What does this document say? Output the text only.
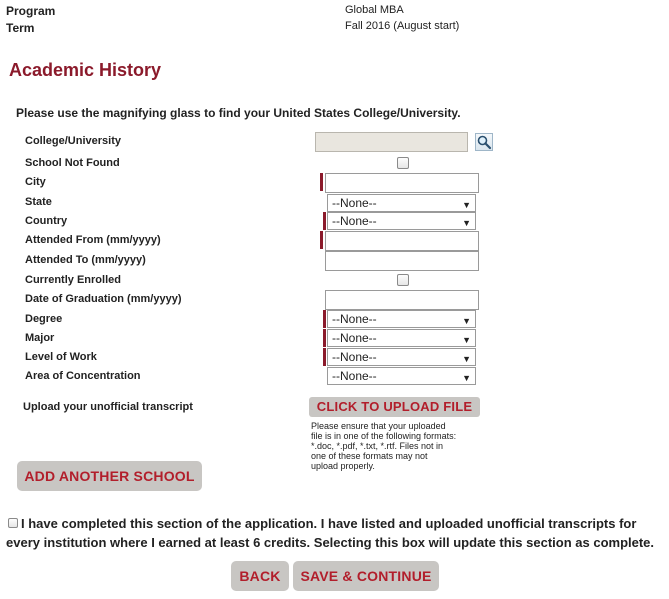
Program	Global MBA
Term	Fall 2016 (August start)
Academic History
Please use the magnifying glass to find your United States College/University.
College/University
School Not Found
City
State	--None--	▼
Country	--None--	▼
Attended From (mm/yyyy)
Attended To (mm/yyyy)
Currently Enrolled
Date of Graduation (mm/yyyy)
Degree	--None--	▼
Major	--None--	▼
Level of Work	--None--	▼
Area of Concentration	--None--	▼
Upload your unofficial transcript	CLICK TO UPLOAD FILE
Please ensure that your uploaded
file is in one of the following formats:
*.doc, *.pdf, *.txt, *.rtf. Files not in
one of these formats may not
upload properly.
ADD ANOTHER SCHOOL
I have completed this section of the application. I have listed and uploaded unofficial transcripts for
every institution where I earned at least 6 credits. Selecting this box will update this section as complete.
BACK	SAVE & CONTINUE
